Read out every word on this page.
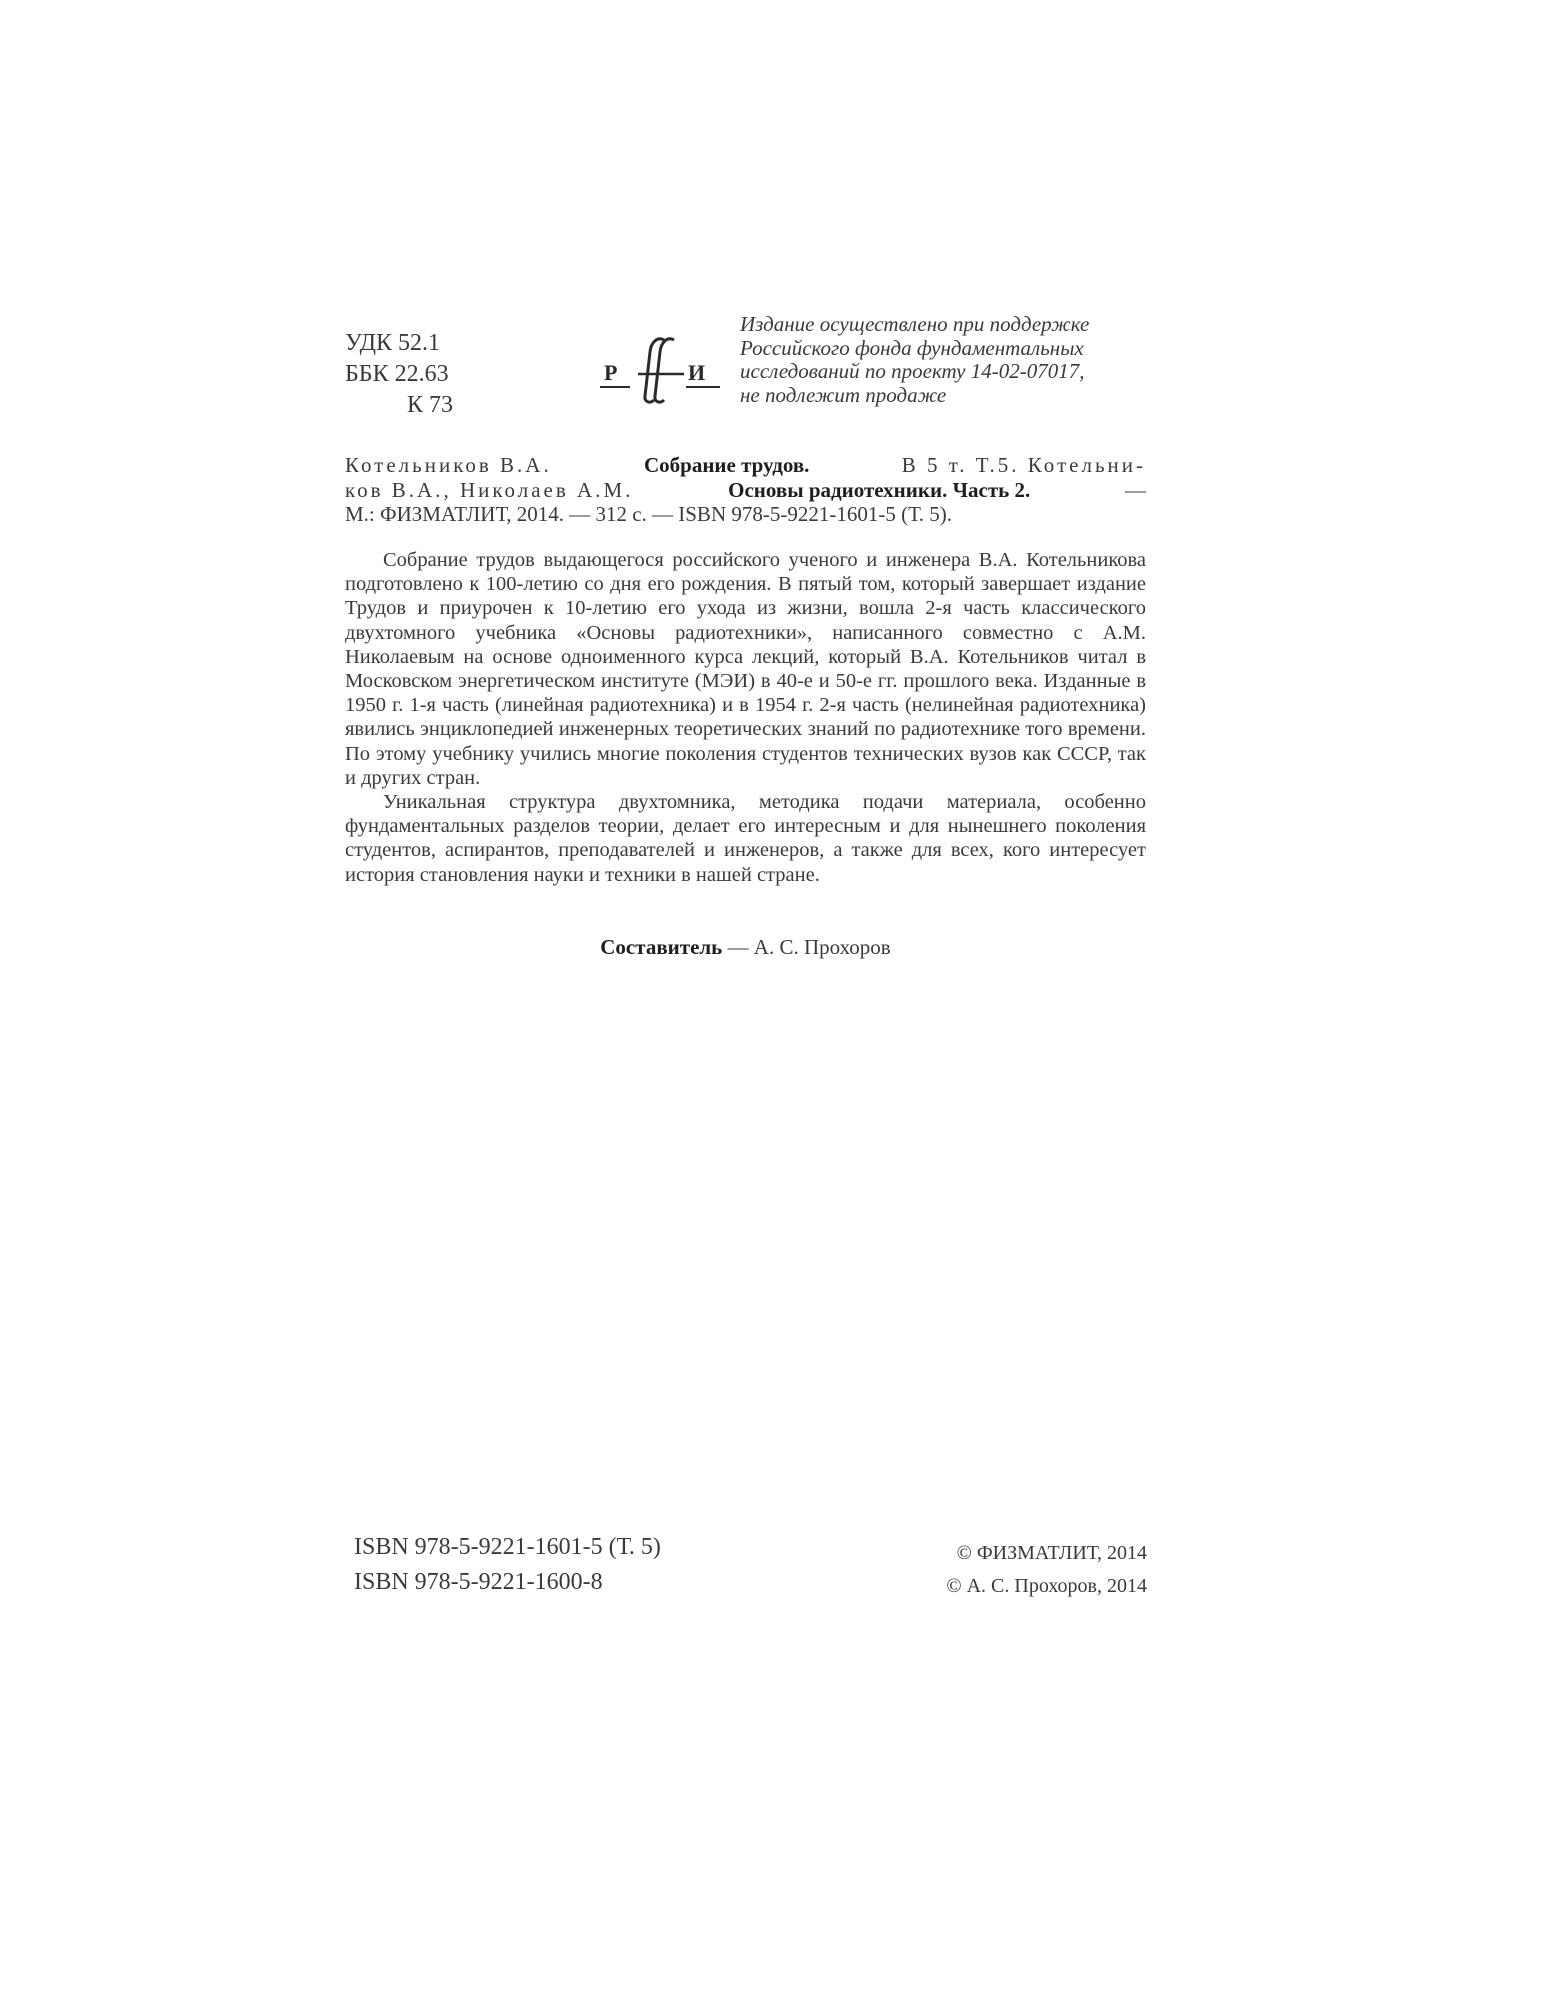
УДК 52.1
ББК 22.63
К 73
Р	И
Издание осуществлено при поддержке
Российского фонда фундаментальных
исследований по проекту 14-02-07017,
не подлежит продаже
Котельников В.А.	Собрание трудов.	В 5 т. Т.5. Котельни-
ков В.А., Николаев А.М.	Основы радиотехники. Часть 2.	—
М.: ФИЗМАТЛИТ, 2014. — 312 с. — ISBN 978-5-9221-1601-5 (Т. 5).

Собрание трудов выдающегося российского ученого и инженера В.А. Котельникова подготовлено к 100-летию со дня его рождения. В пятый том, который завершает издание Трудов и приурочен к 10-летию его ухода из жизни, вошла 2-я часть классического двухтомного учебника «Основы радиотехники», написанного совместно с А.М. Николаевым на основе одноименного курса лекций, который В.А. Котельников читал в Московском энергетическом институте (МЭИ) в 40-е и 50-е гг. прошлого века. Изданные в 1950 г. 1-я часть (линейная радиотехника) и в 1954 г. 2-я часть (нелинейная радиотехника) явились энциклопедией инженерных теоретических знаний по радиотехнике того времени. По этому учебнику учились многие поколения студентов технических вузов как СССР, так и других стран.

Уникальная структура двухтомника, методика подачи материала, особенно фундаментальных разделов теории, делает его интересным и для нынешнего поколения студентов, аспирантов, преподавателей и инженеров, а также для всех, кого интересует история становления науки и техники в нашей стране.

Составитель — А. С. Прохоров
ISBN 978-5-9221-1601-5 (Т. 5)
ISBN 978-5-9221-1600-8
© ФИЗМАТЛИТ, 2014
© А. С. Прохоров, 2014
